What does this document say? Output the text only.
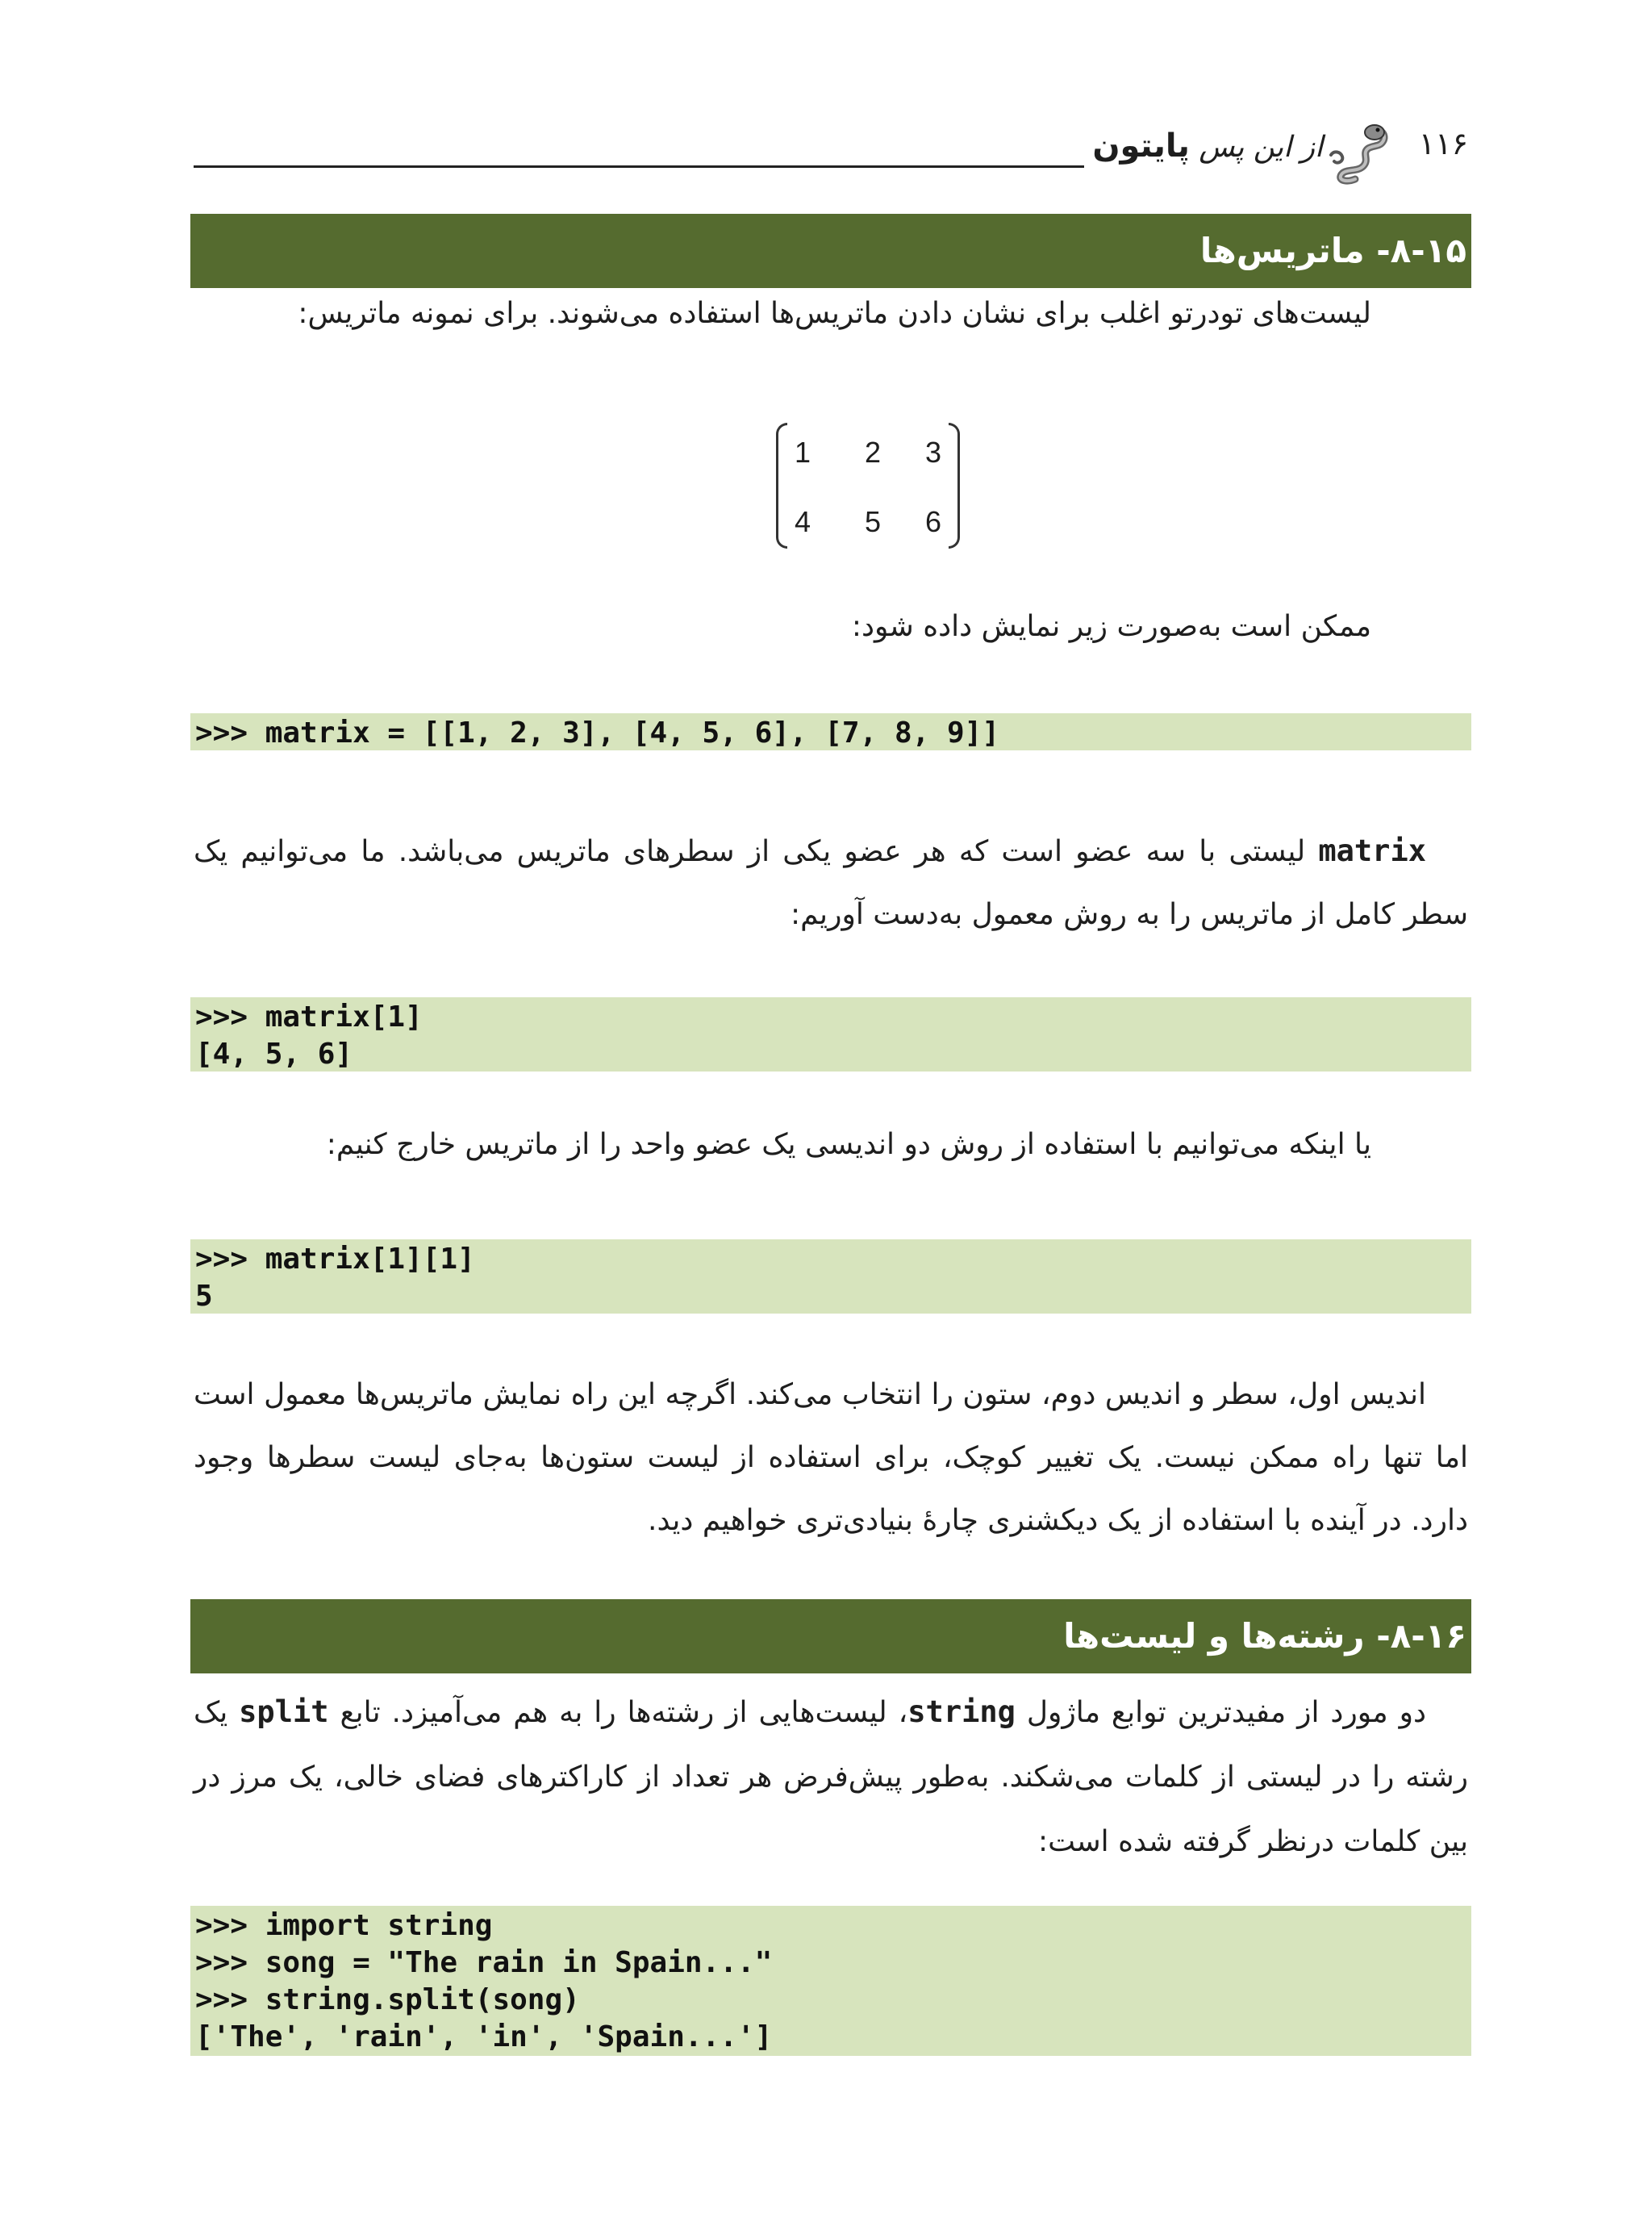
۱۱۶
از این پس پایتون
۸-۱۵- ماتریس‌ها
لیست‌های تودرتو اغلب برای نشان دادن ماتریس‌ها استفاده می‌شوند. برای نمونه ماتریس:
1	2	3
4	5	6
ممکن است به‌صورت زیر نمایش داده شود:
>>> matrix = [[1, 2, 3], [4, 5, 6], [7, 8, 9]]
matrix لیستی با سه عضو است که هر عضو یکی از سطرهای ماتریس می‌باشد. ما می‌توانیم یک سطر کامل از ماتریس را به روش معمول به‌دست آوریم:
>>> matrix[1]
[4, 5, 6]
یا اینکه می‌توانیم با استفاده از روش دو اندیسی یک عضو واحد را از ماتریس خارج کنیم:
>>> matrix[1][1]
5
اندیس اول، سطر و اندیس دوم، ستون را انتخاب می‌کند. اگرچه این راه نمایش ماتریس‌ها معمول است اما تنها راه ممکن نیست. یک تغییر کوچک، برای استفاده از لیست ستون‌ها به‌جای لیست سطرها وجود دارد. در آینده با استفاده از یک دیکشنری چارۀ بنیادی‌تری خواهیم دید.
۸-۱۶- رشته‌ها و لیست‌ها
دو مورد از مفیدترین توابع ماژول string، لیست‌هایی از رشته‌ها را به هم می‌آمیزد. تابع split یک رشته را در لیستی از کلمات می‌شکند. به‌طور پیش‌فرض هر تعداد از کاراکترهای فضای خالی، یک مرز در بین کلمات درنظر گرفته شده است:
>>> import string
>>> song = "The rain in Spain..."
>>> string.split(song)
['The', 'rain', 'in', 'Spain...']
